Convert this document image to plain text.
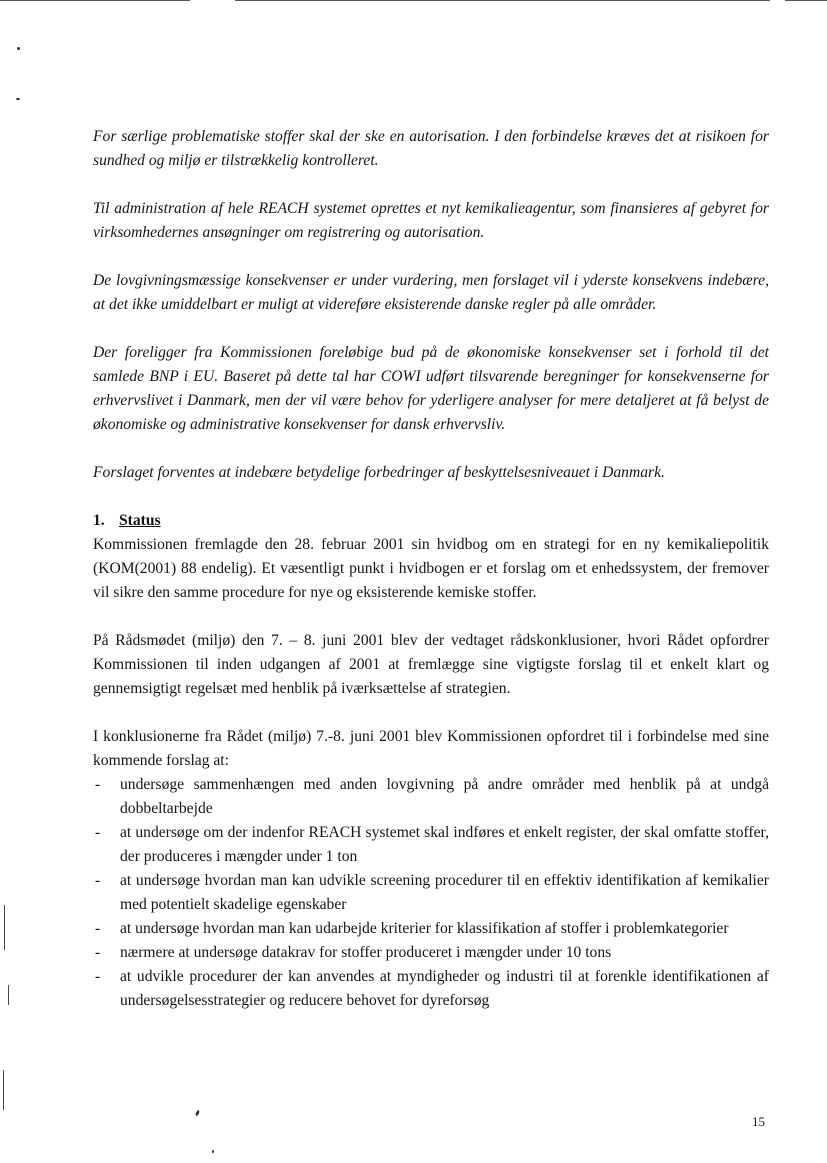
For særlige problematiske stoffer skal der ske en autorisation. I den forbindelse kræves det at risikoen for sundhed og miljø er tilstrækkelig kontrolleret.

Til administration af hele REACH systemet oprettes et nyt kemikalieagentur, som finansieres af gebyret for virksomhedernes ansøgninger om registrering og autorisation.

De lovgivningsmæssige konsekvenser er under vurdering, men forslaget vil i yderste konsekvens indebære, at det ikke umiddelbart er muligt at videreføre eksisterende danske regler på alle områder.

Der foreligger fra Kommissionen foreløbige bud på de økonomiske konsekvenser set i forhold til det samlede BNP i EU. Baseret på dette tal har COWI udført tilsvarende beregninger for konsekvenserne for erhvervslivet i Danmark, men der vil være behov for yderligere analyser for mere detaljeret at få belyst de økonomiske og administrative konsekvenser for dansk erhvervsliv.

Forslaget forventes at indebære betydelige forbedringer af beskyttelsesniveauet i Danmark.

1. Status

Kommissionen fremlagde den 28. februar 2001 sin hvidbog om en strategi for en ny kemikaliepolitik (KOM(2001) 88 endelig). Et væsentligt punkt i hvidbogen er et forslag om et enhedssystem, der fremover vil sikre den samme procedure for nye og eksisterende kemiske stoffer.

På Rådsmødet (miljø) den 7. – 8. juni 2001 blev der vedtaget rådskonklusioner, hvori Rådet opfordrer Kommissionen til inden udgangen af 2001 at fremlægge sine vigtigste forslag til et enkelt klart og gennemsigtigt regelsæt med henblik på iværksættelse af strategien.

I konklusionerne fra Rådet (miljø) 7.-8. juni 2001 blev Kommissionen opfordret til i forbindelse med sine kommende forslag at:

- undersøge sammenhængen med anden lovgivning på andre områder med henblik på at undgå dobbeltarbejde
- at undersøge om der indenfor REACH systemet skal indføres et enkelt register, der skal omfatte stoffer, der produceres i mængder under 1 ton
- at undersøge hvordan man kan udvikle screening procedurer til en effektiv identifikation af kemikalier med potentielt skadelige egenskaber
- at undersøge hvordan man kan udarbejde kriterier for klassifikation af stoffer i problemkategorier
- nærmere at undersøge datakrav for stoffer produceret i mængder under 10 tons
- at udvikle procedurer der kan anvendes at myndigheder og industri til at forenkle identifikationen af undersøgelsesstrategier og reducere behovet for dyreforsøg
15
